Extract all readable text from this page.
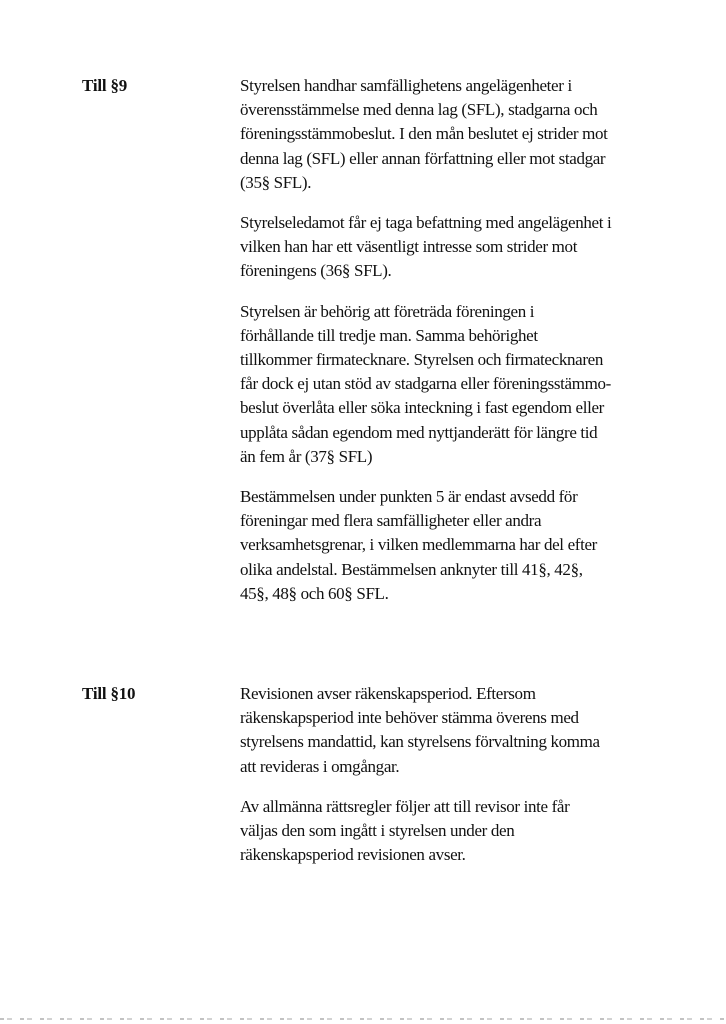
Till §9	Styrelsen handhar samfällighetens angelägenheter i
överensstämmelse med denna lag (SFL), stadgarna och
föreningsstämmobeslut. I den mån beslutet ej strider mot
denna lag (SFL) eller annan författning eller mot stadgar
(35§ SFL).

Styrelseledamot får ej taga befattning med angelägenhet i
vilken han har ett väsentligt intresse som strider mot
föreningens (36§ SFL).

Styrelsen är behörig att företräda föreningen i
förhållande till tredje man. Samma behörighet
tillkommer firmatecknare. Styrelsen och firmatecknaren
får dock ej utan stöd av stadgarna eller föreningsstämmo-
beslut överlåta eller söka inteckning i fast egendom eller
upplåta sådan egendom med nyttjanderätt för längre tid
än fem år (37§ SFL)

Bestämmelsen under punkten 5 är endast avsedd för
föreningar med flera samfälligheter eller andra
verksamhetsgrenar, i vilken medlemmarna har del efter
olika andelstal. Bestämmelsen anknyter till 41§, 42§,
45§, 48§ och 60§ SFL.

Till §10	Revisionen avser räkenskapsperiod. Eftersom
räkenskapsperiod inte behöver stämma överens med
styrelsens mandattid, kan styrelsens förvaltning komma
att revideras i omgångar.

Av allmänna rättsregler följer att till revisor inte får
väljas den som ingått i styrelsen under den
räkenskapsperiod revisionen avser.
